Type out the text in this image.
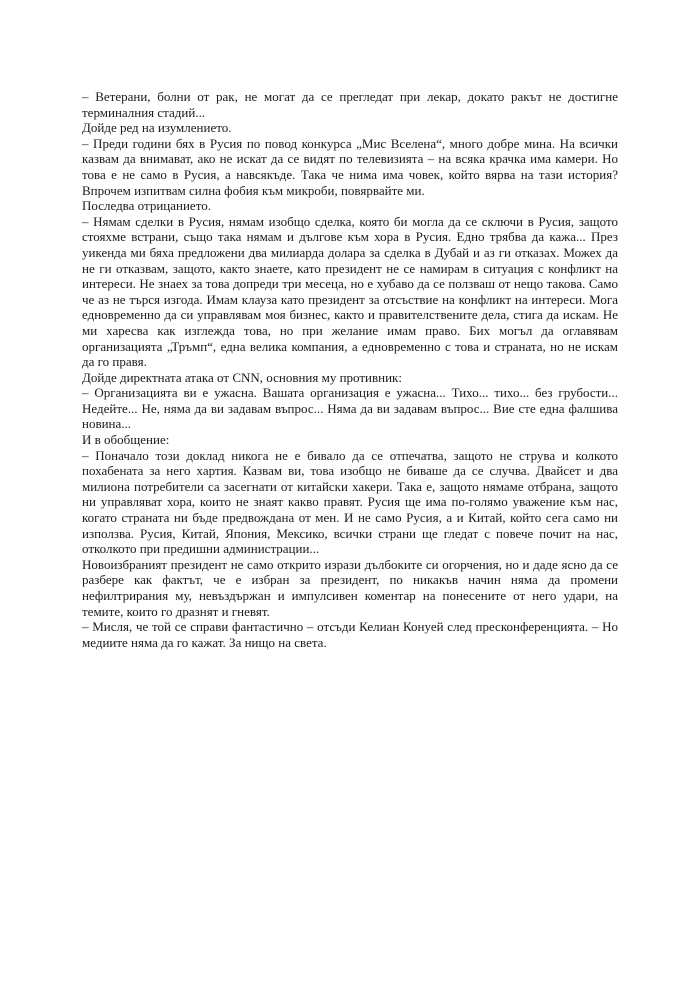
– Ветерани, болни от рак, не могат да се прегледат при лекар, докато ракът не достигне терминалния стадий...

Дойде ред на изумлението.

– Преди години бях в Русия по повод конкурса „Мис Вселена“, много добре мина. На всички казвам да внимават, ако не искат да се видят по телевизията – на всяка крачка има камери. Но това е не само в Русия, а навсякъде. Така че нима има човек, който вярва на тази история? Впрочем изпитвам силна фобия към микроби, повярвайте ми.

Последва отрицанието.

– Нямам сделки в Русия, нямам изобщо сделка, която би могла да се сключи в Русия, защото стояхме встрани, също така нямам и дългове към хора в Русия. Едно трябва да кажа... През уикенда ми бяха предложени два милиарда долара за сделка в Дубай и аз ги отказах. Можех да не ги отказвам, защото, както знаете, като президент не се намирам в ситуация с конфликт на интереси. Не знаех за това допреди три месеца, но е хубаво да се ползваш от нещо такова. Само че аз не търся изгода. Имам клауза като президент за отсъствие на конфликт на интереси. Мога едновременно да си управлявам моя бизнес, както и правителствените дела, стига да искам. Не ми харесва как изглежда това, но при желание имам право. Бих могъл да оглавявам организацията „Тръмп“, една велика компания, а едновременно с това и страната, но не искам да го правя.

Дойде директната атака от CNN, основния му противник:

– Организацията ви е ужасна. Вашата организация е ужасна... Тихо... тихо... без грубости... Недейте... Не, няма да ви задавам въпрос... Няма да ви задавам въпрос... Вие сте една фалшива новина...

И в обобщение:

– Поначало този доклад никога не е бивало да се отпечатва, защото не струва и колкото похабената за него хартия. Казвам ви, това изобщо не биваше да се случва. Двайсет и два милиона потребители са засегнати от китайски хакери. Така е, защото нямаме отбрана, защото ни управляват хора, които не знаят какво правят. Русия ще има по-голямо уважение към нас, когато страната ни бъде предвождана от мен. И не само Русия, а и Китай, който сега само ни използва. Русия, Китай, Япония, Мексико, всички страни ще гледат с повече почит на нас, отколкото при предишни администрации...

Новоизбраният президент не само открито изрази дълбоките си огорчения, но и даде ясно да се разбере как фактът, че е избран за президент, по никакъв начин няма да промени нефилтрирания му, невъздържан и импулсивен коментар на понесените от него удари, на темите, които го дразнят и гневят.

– Мисля, че той се справи фантастично – отсъди Келиан Конуей след пресконференцията. – Но медиите няма да го кажат. За нищо на света.
